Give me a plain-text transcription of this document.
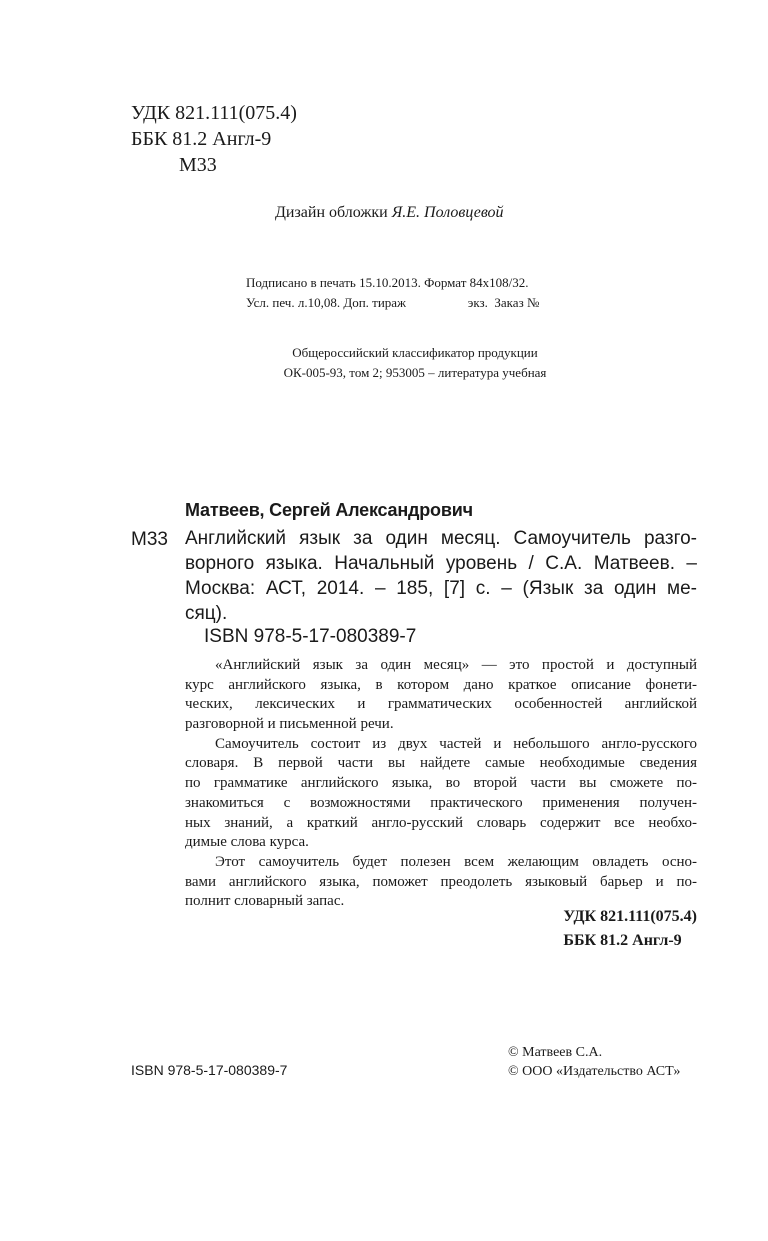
УДК 821.111(075.4)
ББК 81.2 Англ-9
М33
Дизайн обложки Я.Е. Половцевой
Подписано в печать 15.10.2013. Формат 84x108/32.
Усл. печ. л.10,08. Доп. тираж                   экз.  Заказ №
Общероссийский классификатор продукции
ОК-005-93, том 2; 953005 – литература учебная
Матвеев, Сергей Александрович
М33 Английский язык за один месяц. Самоучитель разго-
ворного языка. Начальный уровень / С.А. Матвеев. –
Москва: АСТ, 2014. – 185, [7] с. – (Язык за один ме-
сяц).
ISBN 978-5-17-080389-7
«Английский язык за один месяц» — это простой и доступный
курс английского языка, в котором дано краткое описание фонети-
ческих, лексических и грамматических особенностей английской
разговорной и письменной речи.
Самоучитель состоит из двух частей и небольшого англо-русского
словаря. В первой части вы найдете самые необходимые сведения
по грамматике английского языка, во второй части вы сможете по-
знакомиться с возможностями практического применения получен-
ных знаний, а краткий англо-русский словарь содержит все необхо-
димые слова курса.
Этот самоучитель будет полезен всем желающим овладеть осно-
вами английского языка, поможет преодолеть языковый барьер и по-
полнит словарный запас.
УДК 821.111(075.4)
ББК 81.2 Англ-9
ISBN 978-5-17-080389-7
© Матвеев С.А.
© ООО «Издательство АСТ»
